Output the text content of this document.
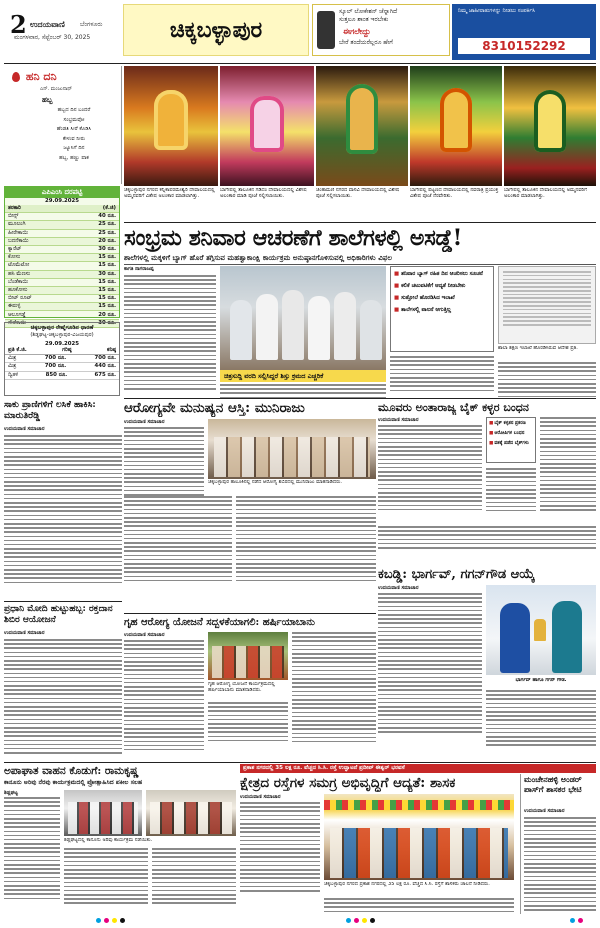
2 ಉದಯವಾಣಿ	ಬೆಂಗಳೂರು
ಮಂಗಳವಾರ, ಸೆಪ್ಟೆಂಬರ್ 30, 2025	ಚಿಕ್ಕಬಳ್ಳಾಪುರ
ಸ್ಕೂಲ್‌ ಲೋಕೇಶನ್ ಚೆನ್ನಾಗಿದೆ
ಸುತ್ತಲೂ ಶಾಂತ ಇರಬೇಕು
ಈಗಲೇದ್ದು
ಬೇರೆ ತಂದೆಯರೆಲ್ಲರೂ ಹೇಗೆ
ನಿಮ್ಮ ಜಾಹೀರಾತುಗಳನ್ನು ನೀಡಲು ಸಂಪರ್ಕಿಸಿ
8310152292
ಹನಿ ದನಿ
ಎನ್. ಮಂಜುನಾಥ್
ಹಬ್ಬ
ಹಬ್ಬದ ದಿನ ಬಂದರೆ
ಸಂಭ್ರಮವೋ
ಹೆಂಡತಿ ಸೀರೆ ಕೊಡಿಸಿ
ಕೇಳುವ ನೀರು
ಜ್ಯೂಸಿಗೆ ದಿನ
ಹಬ್ಬ, ಹಣ್ಣು ಪಾಕ
ಎಪಿಎಂಸಿ ದರಪಟ್ಟಿ
29.09.2025
ತರಕಾರಿ	(ಕೆ.ಜಿ)
ಬೀನ್ಸ್	40 ರೂ.
ಮೂಲಂಗಿ	25 ರೂ.
ಹೀರೇಕಾಯಿ	25 ರೂ.
ಬದನೆಕಾಯಿ	20 ರೂ.
ಕ್ಯಾರೆಟ್	30 ರೂ.
ಕೋಸು	15 ರೂ.
ಟೊಮೆಟೋ	15 ರೂ.
ಹಸಿ ಮೆಣಸು	30 ರೂ.
ಬೆಂಡೆಕಾಯಿ	15 ರೂ.
ಹೂಕೋಸು	15 ರೂ.
ಬೀಟ್ ರೂಟ್	15 ರೂ.
ಈರುಳ್ಳಿ	15 ರೂ.
ಆಲೂಗಡ್ಡೆ	20 ರೂ.
ಸೌತೆಕಾಯಿ	30 ರೂ.
ಚಿಕ್ಕಬಳ್ಳಾಪುರ ರೇಷ್ಮೆಗೂಡಿನ ಧಾರಣೆ
(ಶಿಡ್ಲಘಟ್ಟ-ಚಿಕ್ಕಬಳ್ಳಾಪುರ-ವಿಜಯಪುರ)
29.09.2025
ಪ್ರತಿ ಕೆ.ಜಿ.	ಗರಿಷ್ಠ	ಕನಿಷ್ಠ
ಮಿಶ್ರ	700 ರೂ.	700 ರೂ.
ಮಿಶ್ರ	700 ರೂ.	440 ರೂ.
ದ್ವಿತಳಿ	850 ರೂ.	675 ರೂ.
ಸಾಕು ಪ್ರಾಣಿಗಳಿಗೆ ಲಸಿಕೆ ಹಾಕಿಸಿ: ಮಾರುತಿರೆಡ್ಡಿ
ಉದಯವಾಣಿ ಸಮಾಚಾರ
ಚಿಕ್ಕಬಳ್ಳಾಪುರ ನಗರದ ಕನ್ನಿಕಾಪರಮೇಶ್ವರಿ ದೇವಾಲಯದಲ್ಲಿ ಅಮ್ಮನವರಿಗೆ ವಿಶೇಷ ಅಲಂಕಾರ ಮಾಡಲಾಗಿತ್ತು.
ಬಾಗೇಪಲ್ಲಿ ತಾಲೂಕಿನ ಗಡಿದಂ ದೇವಾಲಯದಲ್ಲಿ ವಿಶೇಷ ಅಲಂಕಾರ ಮಾಡಿ ಪೂಜೆ ಸಲ್ಲಿಸಲಾಯಿತು.
ಚಿಂತಾಮಣಿ ನಗರದ ವಾಸವಿ ದೇವಾಲಯದಲ್ಲಿ ವಿಶೇಷ ಪೂಜೆ ಸಲ್ಲಿಸಲಾಯಿತು.
ಬಾಗೇಪಲ್ಲಿ ಪಟ್ಟಣದ ದೇವಾಲಯದಲ್ಲಿ ನವರಾತ್ರಿ ಪ್ರಯುಕ್ತ ವಿಶೇಷ ಪೂಜೆ ನೆರವೇರಿತು.
ಬಾಗೇಪಲ್ಲಿ ತಾಲೂಕಿನ ದೇವಾಲಯದಲ್ಲಿ ಅಮ್ಮನವರಿಗೆ ಅಲಂಕಾರ ಮಾಡಲಾಗಿತ್ತು.
ಸಂಭ್ರಮ ಶನಿವಾರ ಆಚರಣೆಗೆ ಶಾಲೆಗಳಲ್ಲಿ ಅಸಡ್ಡೆ!
ಶಾಲೆಗಳಲ್ಲಿ ಮಕ್ಕಳಿಗೆ ಬ್ಯಾಗ್ ಹೊರೆ ತಗ್ಗಿಸುವ ಮಹತ್ವಾಕಾಂಕ್ಷಿ ಕಾರ್ಯಕ್ರಮ ಅನುಷ್ಠಾನಗೊಳಿಸುವಲ್ಲಿ ಅಧಿಕಾರಿಗಳು ವಿಫಲ
ಕಾಗತಿ ನಾಗರಾಜಪ್ಪ
ಚಿತ್ರಸುದ್ದಿ ವರದಿ ಸಲ್ಲಿಸಿದ್ದರೆ ಶಿಸ್ತು ಕ್ರಮದ ಎಚ್ಚರಿಕೆ
■ ಶನಿವಾರ ಬ್ಯಾಗ್ ರಹಿತ ದಿನ ಆಚರಿಸಲು ಸೂಚನೆ
■ ಕಲಿಕೆ ಚಟುವಟಿಕೆಗೆ ಆದ್ಯತೆ ನೀಡಬೇಕು
■ ಸುತ್ತೋಲೆ ಹೊರಡಿಸಿದ ಇಲಾಖೆ
■ ಶಾಲೆಗಳಲ್ಲಿ ಪಾಲನೆ ಆಗುತ್ತಿಲ್ಲ
ಶಾಲಾ ಶಿಕ್ಷಣ ಇಲಾಖೆ ಹೊರಡಿಸಿರುವ ಆದೇಶ ಪ್ರತಿ.
ಆರೋಗ್ಯವೇ ಮನುಷ್ಯನ ಆಸ್ತಿ: ಮುನಿರಾಜು
ಉದಯವಾಣಿ ಸಮಾಚಾರ
ಚಿಕ್ಕಬಳ್ಳಾಪುರ ತಾಲೂಕಿನಲ್ಲಿ ನಡೆದ ಆರೋಗ್ಯ ಶಿಬಿರದಲ್ಲಿ ಮುನಿರಾಜು ಮಾತನಾಡಿದರು.
ಮೂವರು ಅಂತಾರಾಜ್ಯ ಬೈಕ್ ಕಳ್ಳರ ಬಂಧನ
ಉದಯವಾಣಿ ಸಮಾಚಾರ
■ ಬೈಕ್ ಕಳ್ಳತನ ಪ್ರಕರಣ
■ ಆರೋಪಿಗಳ ಬಂಧನ
■ ವಶಕ್ಕೆ ಪಡೆದ ಬೈಕ್‌ಗಳು
ಪ್ರಧಾನಿ ಮೋದಿ ಹುಟ್ಟುಹಬ್ಬ: ರಕ್ತದಾನ ಶಿಬಿರ ಆಯೋಜನೆ
ಉದಯವಾಣಿ ಸಮಾಚಾರ
ಕಬಡ್ಡಿ: ಭಾರ್ಗವ್, ಗಗನ್‌ಗೌಡ ಆಯ್ಕೆ
ಉದಯವಾಣಿ ಸಮಾಚಾರ
ಭಾರ್ಗವ್ ಹಾಗೂ ಗಗನ್ ಗೌಡ.
ಗೃಹ ಆರೋಗ್ಯ ಯೋಜನೆ ಸದ್ಬಳಕೆಯಾಗಲಿ: ಹರ್ಷಿಯಾಬಾನು
ಉದಯವಾಣಿ ಸಮಾಚಾರ
ಗೃಹ ಆರೋಗ್ಯ ಯೋಜನೆ ಕಾರ್ಯಕ್ರಮದಲ್ಲಿ ಹರ್ಷಿಯಾಬಾನು ಮಾತನಾಡಿದರು.
ಅಪಾಘಾತ ವಾಹನ ಕೊಡುಗೆ: ರಾಮಕೃಷ್ಣ
ಕಾನೂನು ಅರಿವು ನೆರವು ಕಾರ್ಯಕ್ರಮದಲ್ಲಿ ಪ್ರೋತ್ಸಾಹಿಸಿದ ಪಕೀಲ ಸಲಹ
ಶಿಡ್ಲಘಟ್ಟ
ಶಿಡ್ಲಘಟ್ಟದಲ್ಲಿ ಕಾನೂನು ಅರಿವು ಕಾರ್ಯಕ್ರಮ ನಡೆಯಿತು.
ಪ್ರಕಾಶ ನಗರದಲ್ಲಿ 35 ಲಕ್ಷ ರೂ. ವೆಚ್ಚದ ಸಿ.ಸಿ. ರಸ್ತೆ ಉದ್ಘಾಟನೆ ಪ್ರದೀಪ್ ಈಶ್ವರ್ ಭರವಸೆ
ಕ್ಷೇತ್ರದ ರಸ್ತೆಗಳ ಸಮಗ್ರ ಅಭಿವೃದ್ಧಿಗೆ ಆದ್ಯತೆ: ಶಾಸಕ
ಉದಯವಾಣಿ ಸಮಾಚಾರ
ಚಿಕ್ಕಬಳ್ಳಾಪುರ ನಗರದ ಪ್ರಕಾಶ ನಗರದಲ್ಲಿ 35 ಲಕ್ಷ ರೂ. ವೆಚ್ಚದ ಸಿ.ಸಿ. ರಸ್ತೆಗೆ ಶಾಸಕರು ಚಾಲನೆ ನೀಡಿದರು.
ಮಂಚೇನಹಳ್ಳಿ ಅಂಡರ್ ಪಾಸ್‌ಗೆ ಶಾಸಕರ ಭೇಟಿ
ಉದಯವಾಣಿ ಸಮಾಚಾರ
